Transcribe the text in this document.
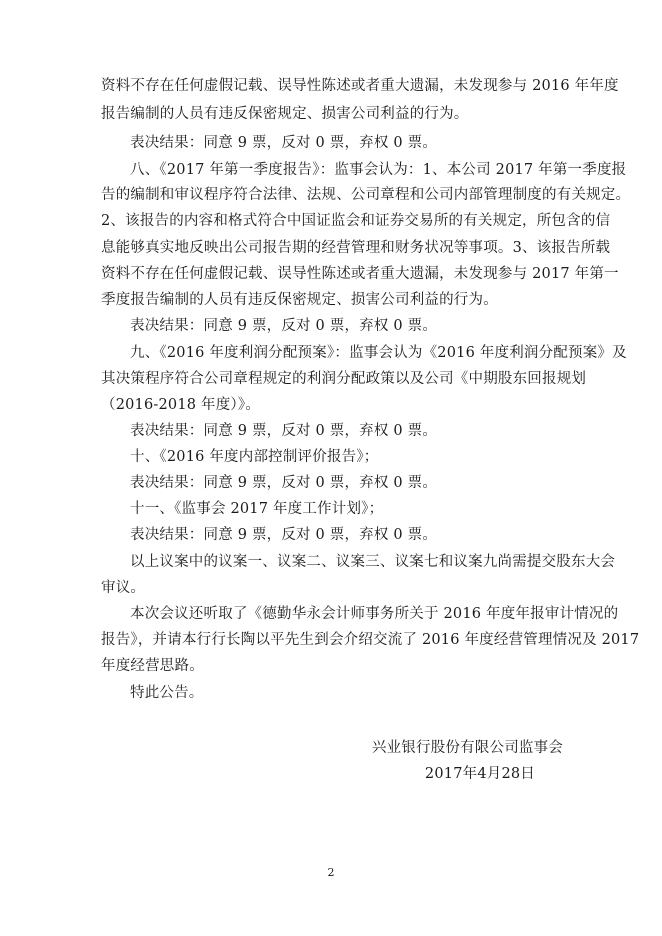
资料不存在任何虚假记载、误导性陈述或者重大遗漏，未发现参与 2016 年年度
报告编制的人员有违反保密规定、损害公司利益的行为。
表决结果：同意 9 票，反对 0 票，弃权 0 票。
八、《2017 年第一季度报告》：监事会认为：1、本公司 2017 年第一季度报
告的编制和审议程序符合法律、法规、公司章程和公司内部管理制度的有关规定。
2、该报告的内容和格式符合中国证监会和证券交易所的有关规定，所包含的信
息能够真实地反映出公司报告期的经营管理和财务状况等事项。3、该报告所载
资料不存在任何虚假记载、误导性陈述或者重大遗漏，未发现参与 2017 年第一
季度报告编制的人员有违反保密规定、损害公司利益的行为。
表决结果：同意 9 票，反对 0 票，弃权 0 票。
九、《2016 年度利润分配预案》：监事会认为《2016 年度利润分配预案》及
其决策程序符合公司章程规定的利润分配政策以及公司《中期股东回报规划
（2016-2018 年度）》。
表决结果：同意 9 票，反对 0 票，弃权 0 票。
十、《2016 年度内部控制评价报告》；
表决结果：同意 9 票，反对 0 票，弃权 0 票。
十一、《监事会 2017 年度工作计划》；
表决结果：同意 9 票，反对 0 票，弃权 0 票。
以上议案中的议案一、议案二、议案三、议案七和议案九尚需提交股东大会
审议。
本次会议还听取了《德勤华永会计师事务所关于 2016 年度年报审计情况的
报告》，并请本行行长陶以平先生到会介绍交流了 2016 年度经营管理情况及 2017
年度经营思路。
特此公告。
兴业银行股份有限公司监事会
2017年4月28日
2
